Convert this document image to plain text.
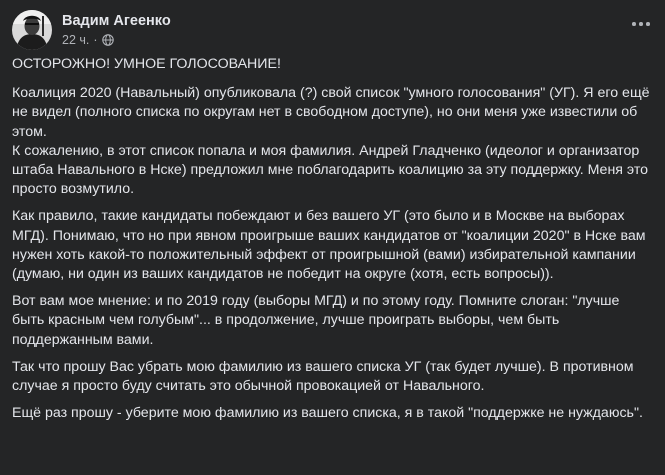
Вадим Агеенко
22 ч. ·

ОСТОРОЖНО! УМНОЕ ГОЛОСОВАНИЕ!

Коалиция 2020 (Навальный) опубликовала (?) свой список "умного голосования" (УГ). Я его ещё не видел (полного списка по округам нет в свободном доступе), но они меня уже известили об этом.
К сожалению, в этот список попала и моя фамилия. Андрей Гладченко (идеолог и организатор штаба Навального в Нске) предложил мне поблагодарить коалицию за эту поддержку. Меня это просто возмутило.

Как правило, такие кандидаты побеждают и без вашего УГ (это было и в Москве на выборах МГД). Понимаю, что но при явном проигрыше ваших кандидатов от "коалиции 2020" в Нске вам нужен хоть какой-то положительный эффект от проигрышной (вами) избирательной кампании (думаю, ни один из ваших кандидатов не победит на округе (хотя, есть вопросы)).

Вот вам мое мнение: и по 2019 году (выборы МГД) и по этому году. Помните слоган: "лучше быть красным чем голубым"... в продолжение, лучше проиграть выборы, чем быть поддержанным вами.

Так что прошу Вас убрать мою фамилию из вашего списка УГ (так будет лучше). В противном случае я просто буду считать это обычной провокацией от Навального.

Ещё раз прошу - уберите мою фамилию из вашего списка, я в такой "поддержке не нуждаюсь".
